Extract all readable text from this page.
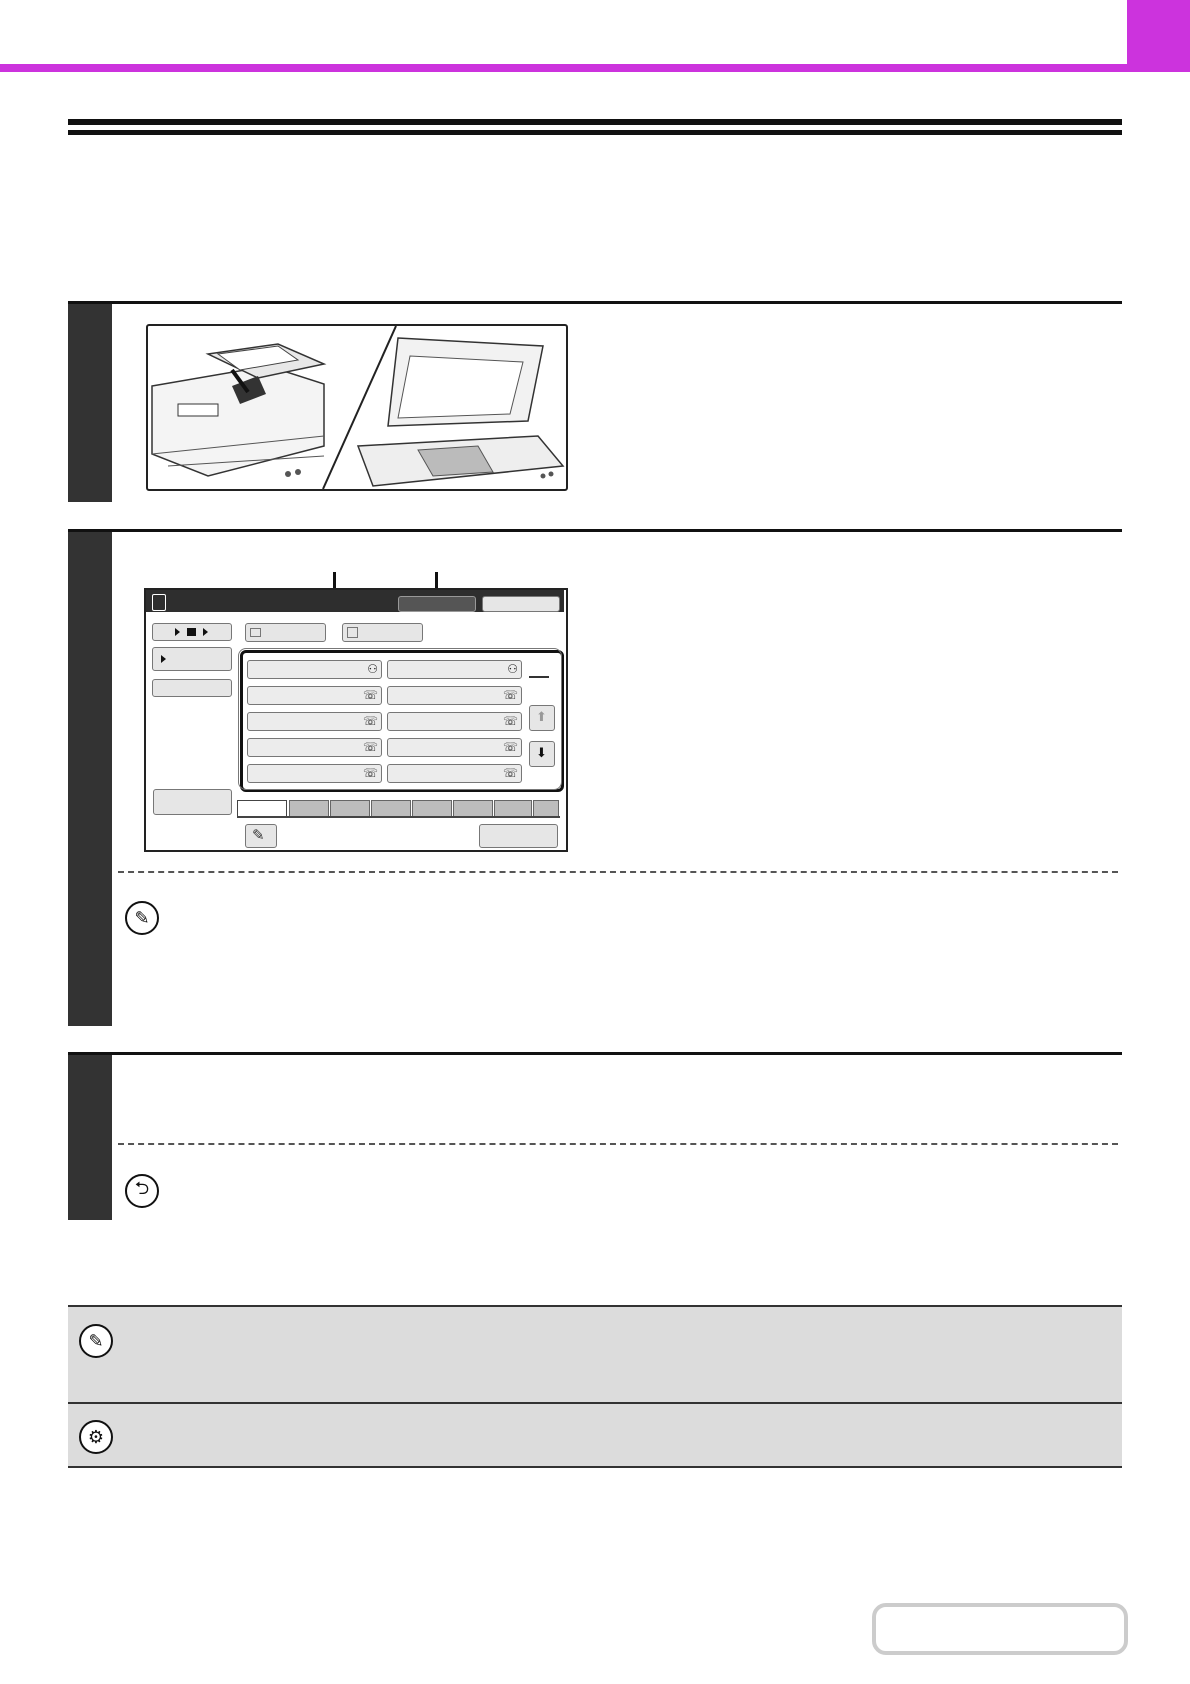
⚇	⚇
☏	☏
☏	☏
☏	☏
☏	☏
⬆
⬇
✎
✎
⮌
✎
⚙
